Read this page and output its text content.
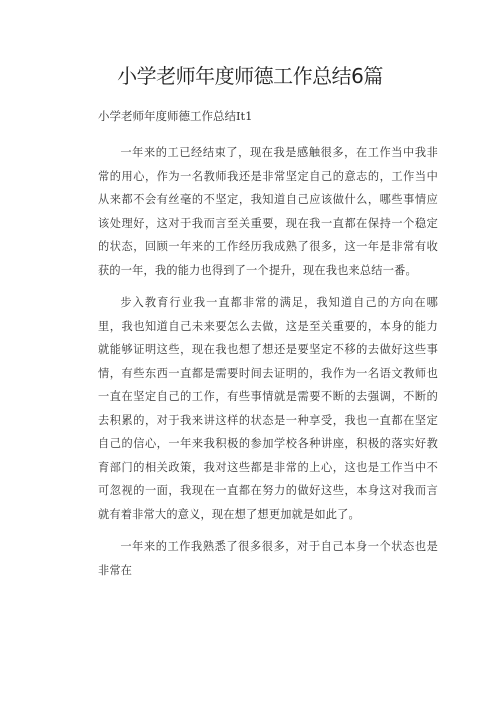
小学老师年度师德工作总结6篇

小学老师年度师德工作总结It1

一年来的工已经结束了，现在我是感触很多，在工作当中我非常的用心，作为一名教师我还是非常坚定自己的意志的，工作当中从来都不会有丝毫的不坚定，我知道自己应该做什么，哪些事情应该处理好，这对于我而言至关重要，现在我一直都在保持一个稳定的状态，回顾一年来的工作经历我成熟了很多，这一年是非常有收获的一年，我的能力也得到了一个提升，现在我也来总结一番。

步入教育行业我一直都非常的满足，我知道自己的方向在哪里，我也知道自己未来要怎么去做，这是至关重要的，本身的能力就能够证明这些，现在我也想了想还是要坚定不移的去做好这些事情，有些东西一直都是需要时间去证明的，我作为一名语文教师也一直在坚定自己的工作，有些事情就是需要不断的去强调，不断的去积累的，对于我来讲这样的状态是一种享受，我也一直都在坚定自己的信心，一年来我积极的参加学校各种讲座，积极的落实好教育部门的相关政策，我对这些都是非常的上心，这也是工作当中不可忽视的一面，我现在一直都在努力的做好这些，本身这对我而言就有着非常大的意义，现在想了想更加就是如此了。

一年来的工作我熟悉了很多很多，对于自己本身一个状态也是非常在
